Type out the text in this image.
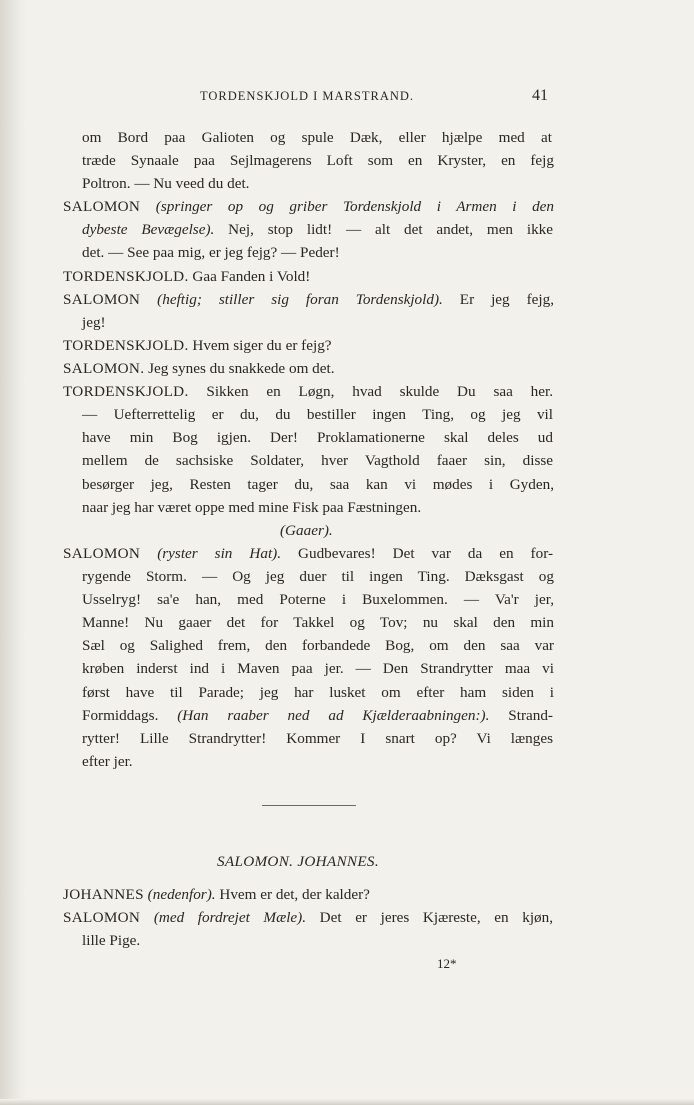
TORDENSKJOLD I MARSTRAND.	41
om Bord paa Galioten og spule Dæk, eller hjælpe med at
træde Synaale paa Sejlmagerens Loft som en Kryster, en fejg
Poltron. — Nu veed du det.
SALOMON (springer op og griber Tordenskjold i Armen i den
dybeste Bevægelse). Nej, stop lidt! — alt det andet, men ikke
det. — See paa mig, er jeg fejg? — Peder!
TORDENSKJOLD. Gaa Fanden i Vold!
SALOMON (heftig; stiller sig foran Tordenskjold). Er jeg fejg,
jeg!
TORDENSKJOLD. Hvem siger du er fejg?
SALOMON. Jeg synes du snakkede om det.
TORDENSKJOLD. Sikken en Løgn, hvad skulde Du saa her.
— Uefterrettelig er du, du bestiller ingen Ting, og jeg vil
have min Bog igjen. Der! Proklamationerne skal deles ud
mellem de sachsiske Soldater, hver Vagthold faaer sin, disse
besørger jeg, Resten tager du, saa kan vi mødes i Gyden,
naar jeg har været oppe med mine Fisk paa Fæstningen.
(Gaaer).
SALOMON (ryster sin Hat). Gudbevares! Det var da en for-
rygende Storm. — Og jeg duer til ingen Ting. Dæksgast og
Usselryg! sa'e han, med Poterne i Buxelommen. — Va'r jer,
Manne! Nu gaaer det for Takkel og Tov; nu skal den min
Sæl og Salighed frem, den forbandede Bog, om den saa var
krøben inderst ind i Maven paa jer. — Den Strandrytter maa vi
først have til Parade; jeg har lusket om efter ham siden i
Formiddags. (Han raaber ned ad Kjælderaabningen:). Strand-
rytter! Lille Strandrytter! Kommer I snart op? Vi længes
efter jer.
SALOMON. JOHANNES.
JOHANNES (nedenfor). Hvem er det, der kalder?
SALOMON (med fordrejet Mæle). Det er jeres Kjæreste, en kjøn,
lille Pige.
12*
